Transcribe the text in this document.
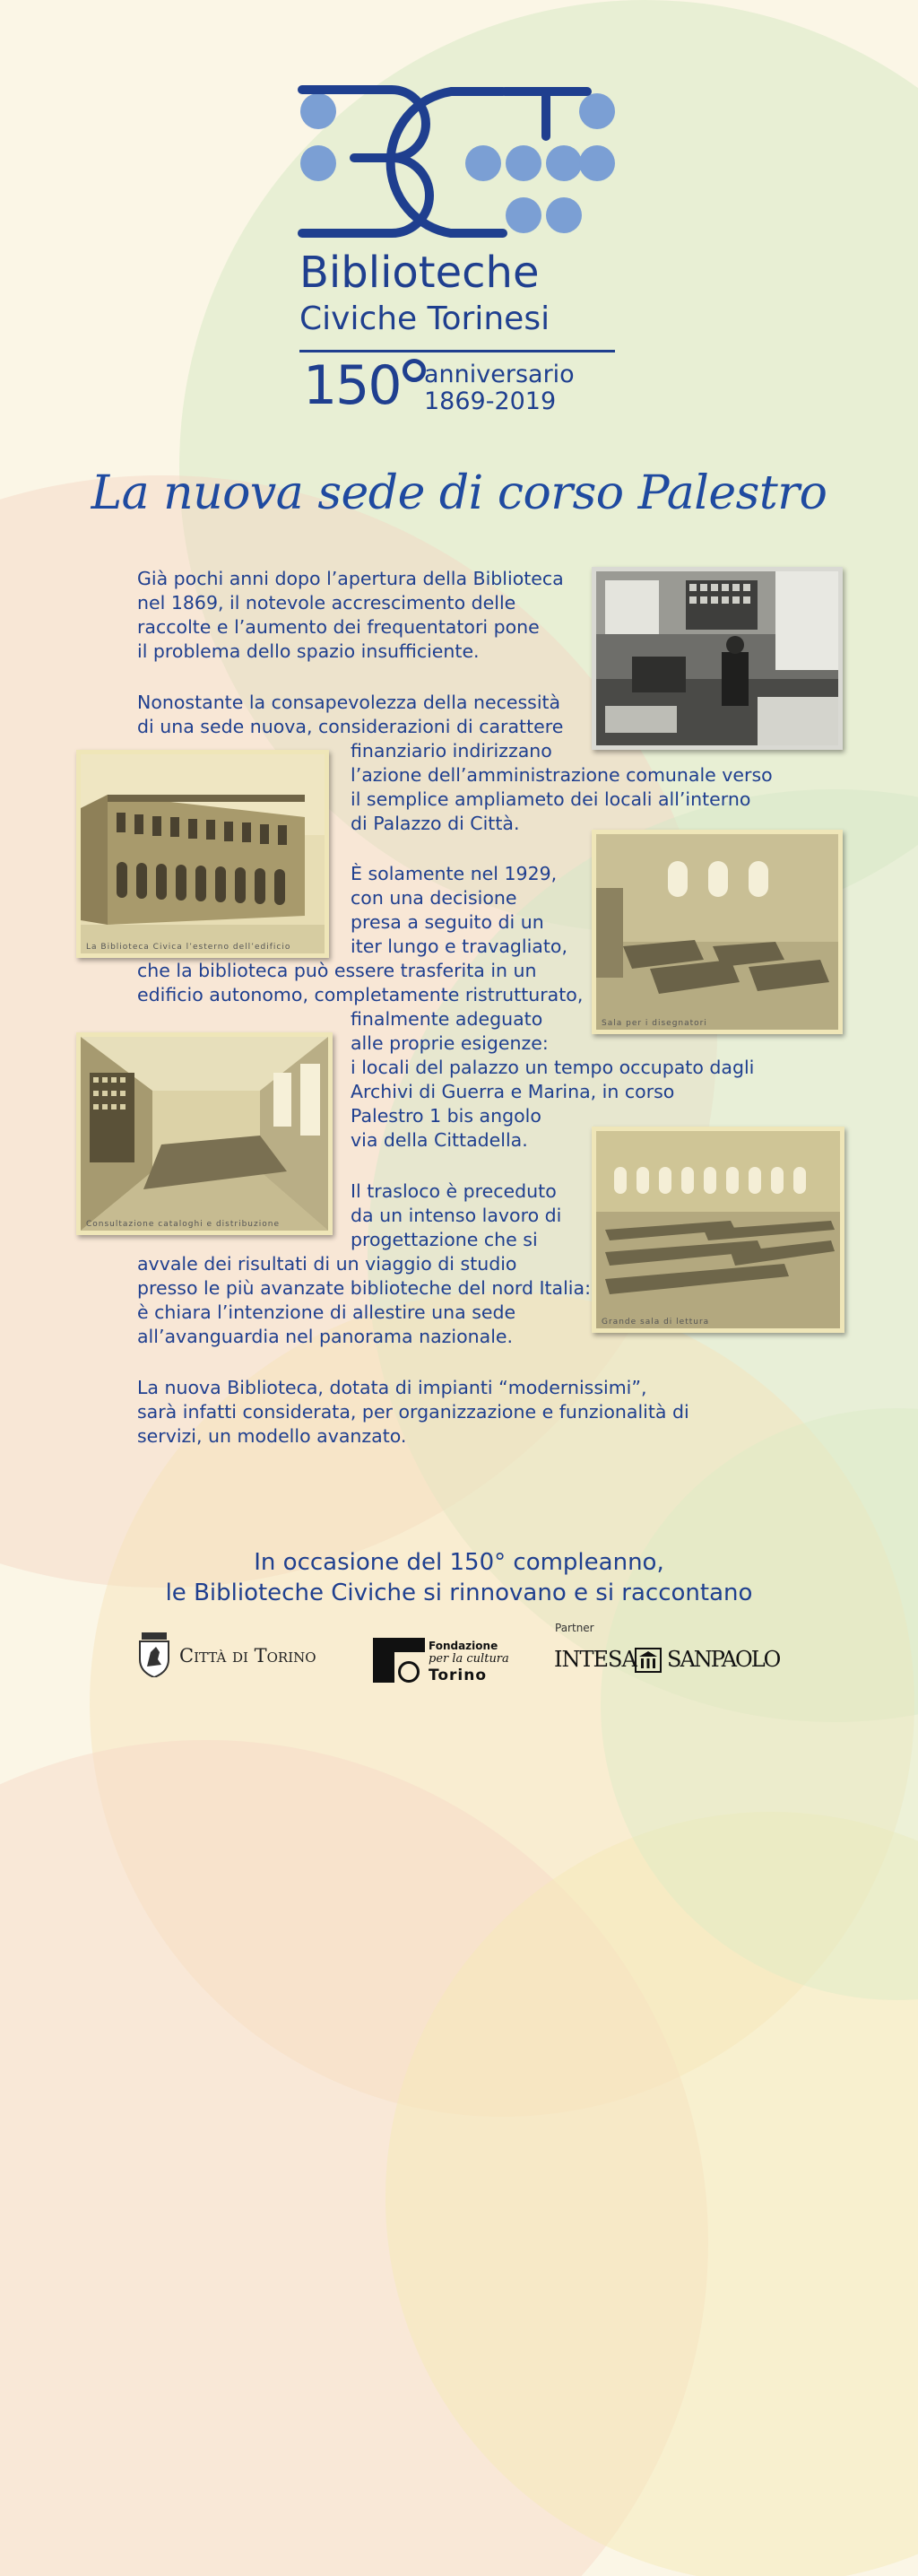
Biblioteche
Civiche Torinesi
150 anniversario
1869-2019
La nuova sede di corso Palestro
Già pochi anni dopo l’apertura della Biblioteca
nel 1869, il notevole accrescimento delle
raccolte e l’aumento dei frequentatori pone
il problema dello spazio insufficiente.
Nonostante la consapevolezza della necessità
di una sede nuova, considerazioni di carattere
finanziario indirizzano
l’azione dell’amministrazione comunale verso
il semplice ampliameto dei locali all’interno
di Palazzo di Città.
È solamente nel 1929,
con una decisione
presa a seguito di un
iter lungo e travagliato,
che la biblioteca può essere trasferita in un
edificio autonomo, completamente ristrutturato,
finalmente adeguato
alle proprie esigenze:
i locali del palazzo un tempo occupato dagli
Archivi di Guerra e Marina, in corso
Palestro 1 bis angolo
via della Cittadella.
Il trasloco è preceduto
da un intenso lavoro di
progettazione che si
avvale dei risultati di un viaggio di studio
presso le più avanzate biblioteche del nord Italia:
è chiara l’intenzione di allestire una sede
all’avanguardia nel panorama nazionale.
La nuova Biblioteca, dotata di impianti “modernissimi”,
sarà infatti considerata, per organizzazione e funzionalità di
servizi, un modello avanzato.
La Biblioteca Civica l’esterno dell’edificio
Sala per i disegnatori
Consultazione cataloghi e distribuzione
Grande sala di lettura
In occasione del 150° compleanno,
le Biblioteche Civiche si rinnovano e si raccontano
Città di Torino	Fondazione
per la cultura
Torino
Partner
INTESA SANPAOLO
